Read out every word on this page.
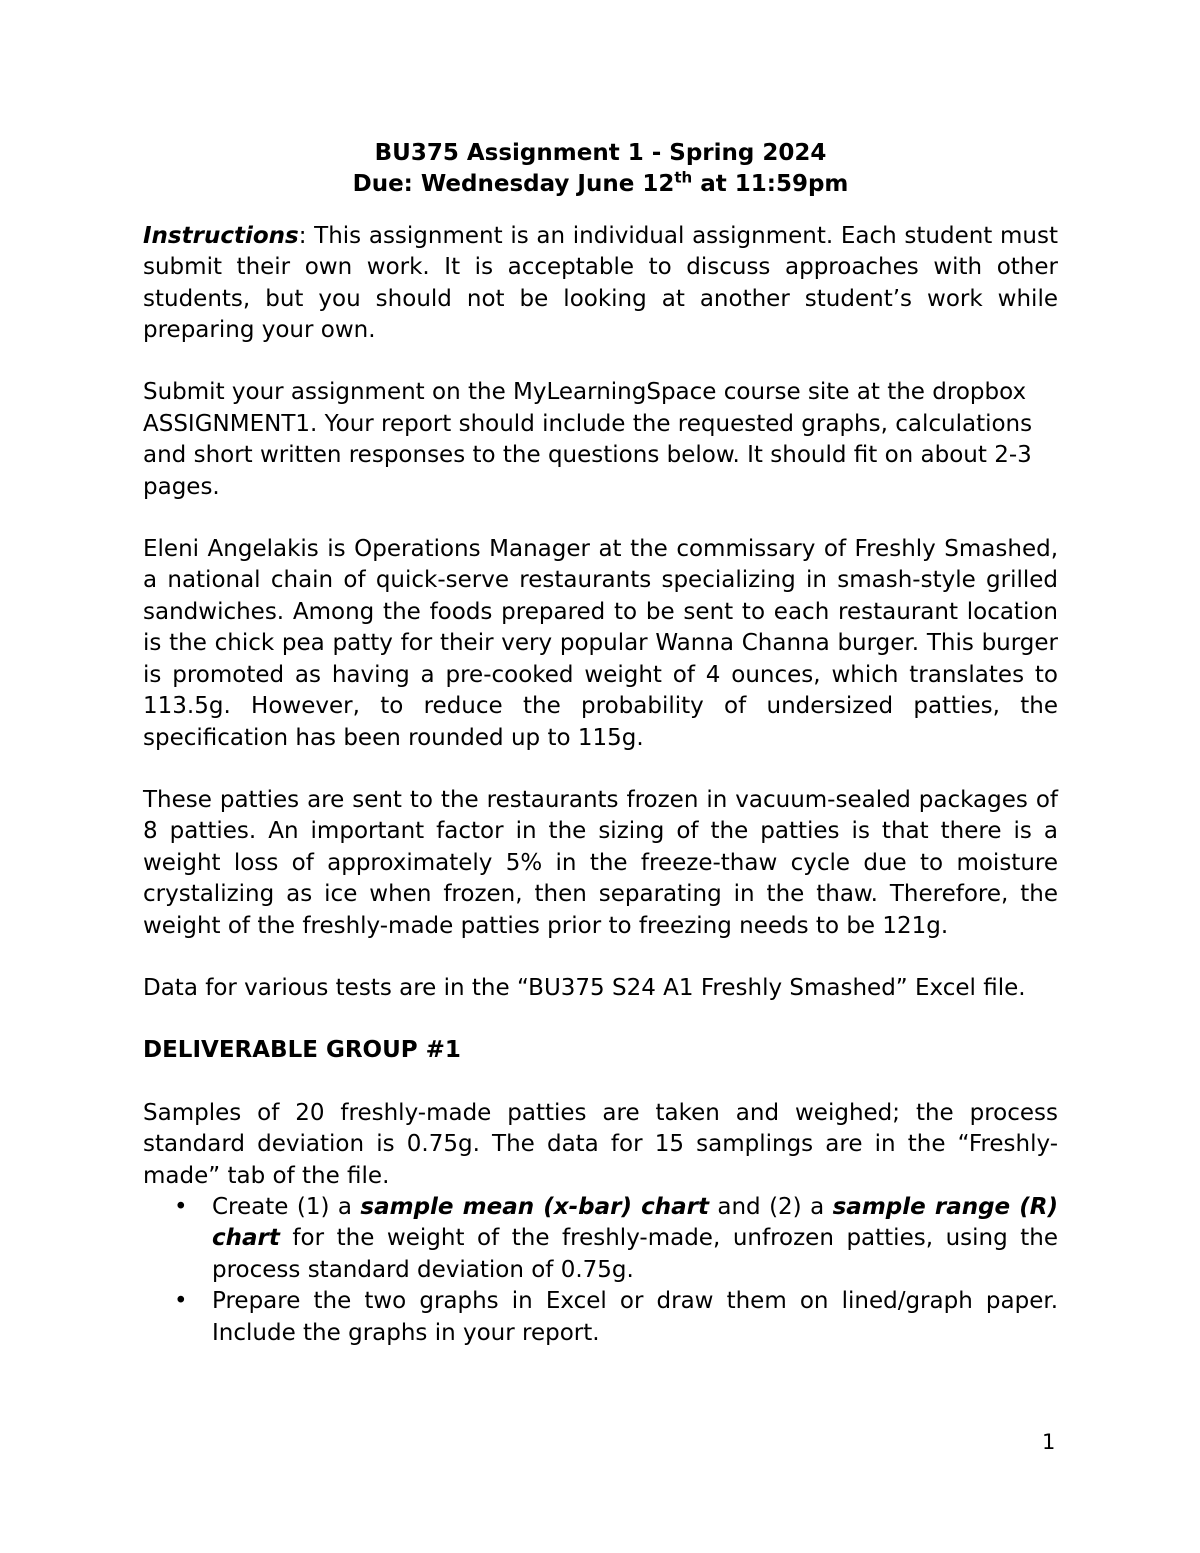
BU375 Assignment 1 - Spring 2024
Due: Wednesday June 12th at 11:59pm

Instructions: This assignment is an individual assignment. Each student must submit their own work. It is acceptable to discuss approaches with other students, but you should not be looking at another student’s work while preparing your own.

Submit your assignment on the MyLearningSpace course site at the dropbox ASSIGNMENT1. Your report should include the requested graphs, calculations and short written responses to the questions below. It should fit on about 2-3 pages.

Eleni Angelakis is Operations Manager at the commissary of Freshly Smashed, a national chain of quick-serve restaurants specializing in smash-style grilled sandwiches. Among the foods prepared to be sent to each restaurant location is the chick pea patty for their very popular Wanna Channa burger. This burger is promoted as having a pre-cooked weight of 4 ounces, which translates to 113.5g. However, to reduce the probability of undersized patties, the specification has been rounded up to 115g.

These patties are sent to the restaurants frozen in vacuum-sealed packages of 8 patties. An important factor in the sizing of the patties is that there is a weight loss of approximately 5% in the freeze-thaw cycle due to moisture crystalizing as ice when frozen, then separating in the thaw. Therefore, the weight of the freshly-made patties prior to freezing needs to be 121g.

Data for various tests are in the “BU375 S24 A1 Freshly Smashed” Excel file.

DELIVERABLE GROUP #1

Samples of 20 freshly-made patties are taken and weighed; the process standard deviation is 0.75g. The data for 15 samplings are in the “Freshly-made” tab of the file.

• Create (1) a sample mean (x-bar) chart and (2) a sample range (R) chart for the weight of the freshly-made, unfrozen patties, using the process standard deviation of 0.75g.
• Prepare the two graphs in Excel or draw them on lined/graph paper. Include the graphs in your report.
1
